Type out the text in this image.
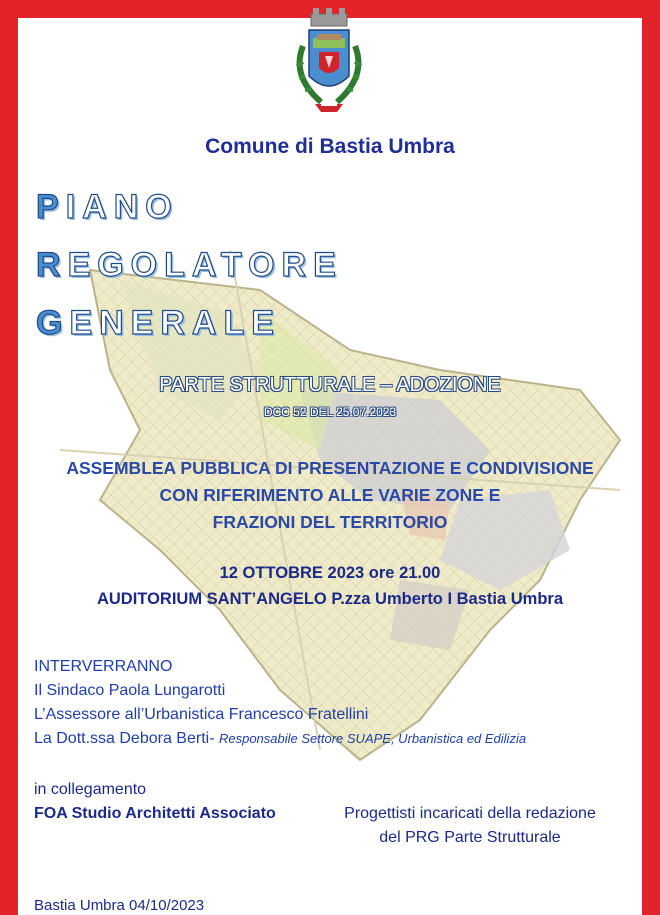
Comune di Bastia Umbra
PIANO
REGOLATORE
GENERALE
PARTE STRUTTURALE – ADOZIONE
DCC 52 DEL 25.07.2023
ASSEMBLEA PUBBLICA DI PRESENTAZIONE E CONDIVISIONE
CON RIFERIMENTO ALLE VARIE ZONE E
FRAZIONI DEL TERRITORIO
12 OTTOBRE 2023 ore 21.00
AUDITORIUM SANT’ANGELO P.zza Umberto I Bastia Umbra
INTERVERRANNO
Il Sindaco Paola Lungarotti
L’Assessore all’Urbanistica Francesco Fratellini
La Dott.ssa Debora Berti- Responsabile Settore SUAPE, Urbanistica ed Edilizia
in collegamento
FOA Studio Architetti Associato	Progettisti incaricati della redazione
del PRG Parte Strutturale
Bastia Umbra 04/10/2023
